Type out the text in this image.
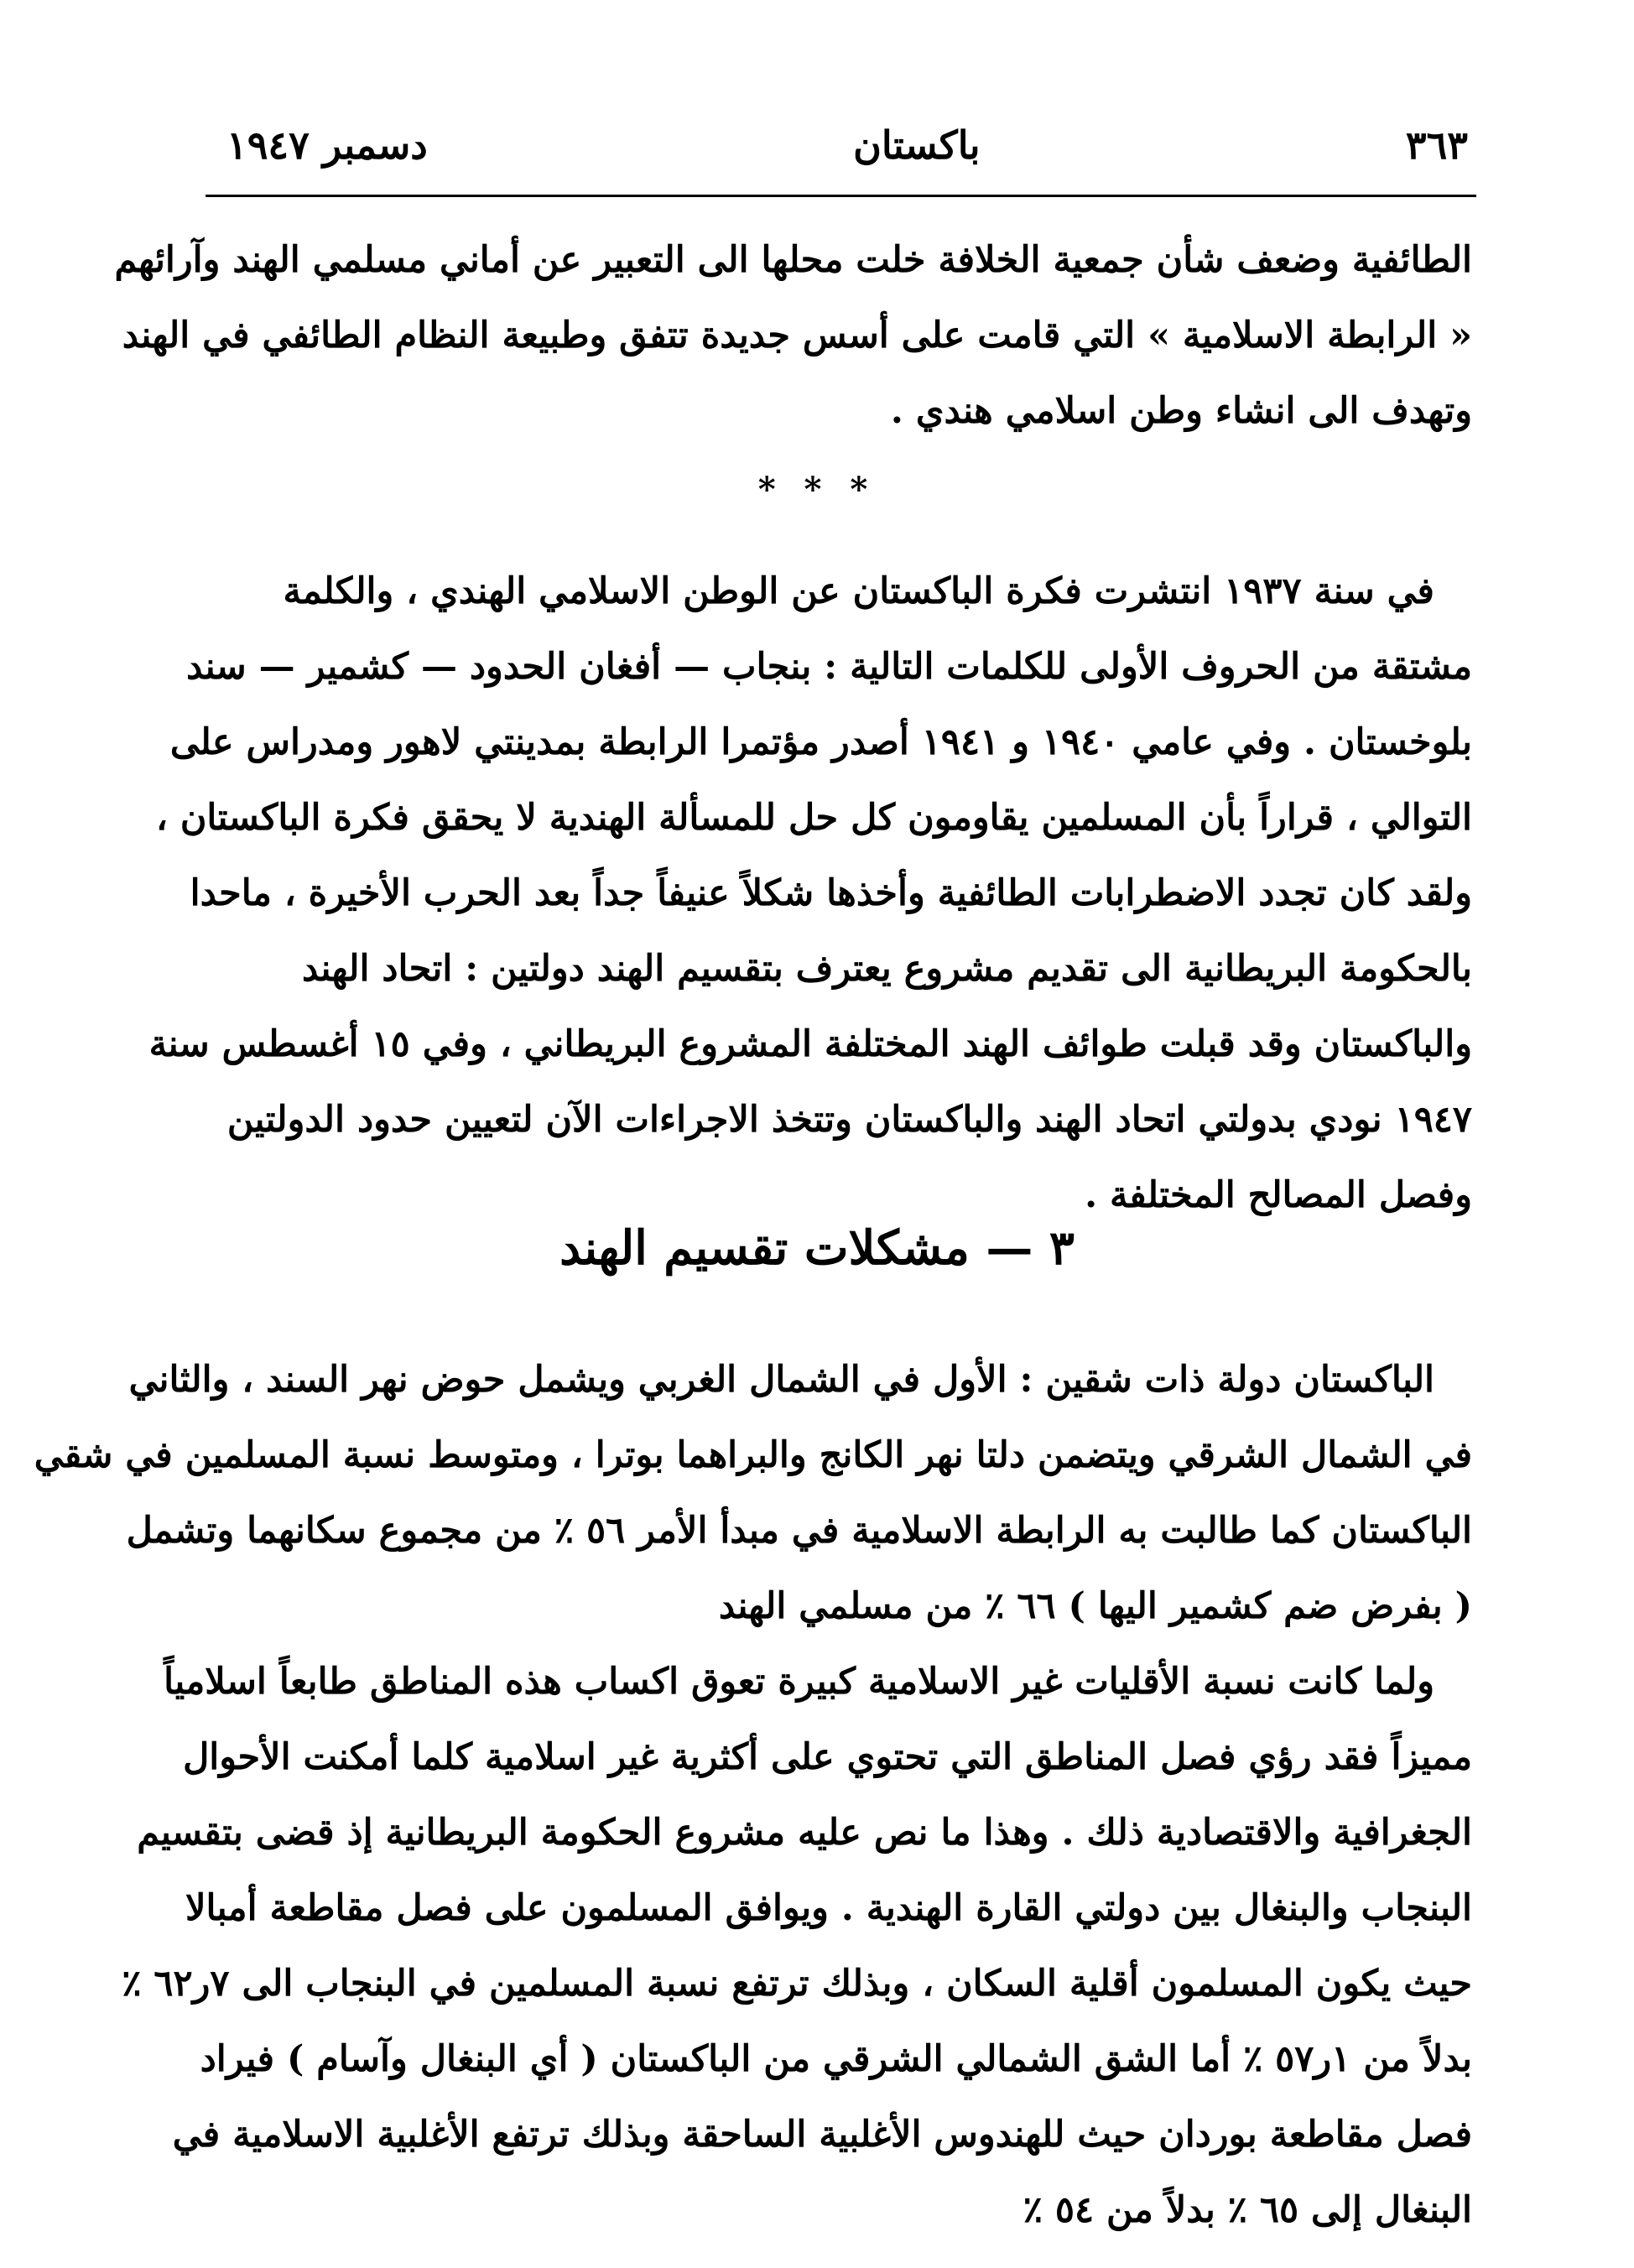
٣٦٣
باكستان
دسمبر ١٩٤٧
الطائفية وضعف شأن جمعية الخلافة خلت محلها الى التعبير عن أماني مسلمي الهند وآرائهم
« الرابطة الاسلامية » التي قامت على أسس جديدة تتفق وطبيعة النظام الطائفي في الهند
وتهدف الى انشاء وطن اسلامي هندي .
* * *
في سنة ١٩٣٧ انتشرت فكرة الباكستان عن الوطن الاسلامي الهندي ، والكلمة
مشتقة من الحروف الأولى للكلمات التالية : بنجاب — أفغان الحدود — كشمير — سند
بلوخستان . وفي عامي ١٩٤٠ و ١٩٤١ أصدر مؤتمرا الرابطة بمدينتي لاهور ومدراس على
التوالي ، قراراً بأن المسلمين يقاومون كل حل للمسألة الهندية لا يحقق فكرة الباكستان ،
ولقد كان تجدد الاضطرابات الطائفية وأخذها شكلاً عنيفاً جداً بعد الحرب الأخيرة ، ماحدا
بالحكومة البريطانية الى تقديم مشروع يعترف بتقسيم الهند دولتين : اتحاد الهند
والباكستان وقد قبلت طوائف الهند المختلفة المشروع البريطاني ، وفي ١٥ أغسطس سنة
١٩٤٧ نودي بدولتي اتحاد الهند والباكستان وتتخذ الاجراءات الآن لتعيين حدود الدولتين
وفصل المصالح المختلفة .
٣ — مشكلات تقسيم الهند
الباكستان دولة ذات شقين : الأول في الشمال الغربي ويشمل حوض نهر السند ، والثاني
في الشمال الشرقي ويتضمن دلتا نهر الكانج والبراهما بوترا ، ومتوسط نسبة المسلمين في شقي
الباكستان كما طالبت به الرابطة الاسلامية في مبدأ الأمر ٥٦ ٪ من مجموع سكانهما وتشمل
( بفرض ضم كشمير اليها ) ٦٦ ٪ من مسلمي الهند
ولما كانت نسبة الأقليات غير الاسلامية كبيرة تعوق اكساب هذه المناطق طابعاً اسلامياً
مميزاً فقد رؤي فصل المناطق التي تحتوي على أكثرية غير اسلامية كلما أمكنت الأحوال
الجغرافية والاقتصادية ذلك . وهذا ما نص عليه مشروع الحكومة البريطانية إذ قضى بتقسيم
البنجاب والبنغال بين دولتي القارة الهندية . ويوافق المسلمون على فصل مقاطعة أمبالا
حيث يكون المسلمون أقلية السكان ، وبذلك ترتفع نسبة المسلمين في البنجاب الى ٧ر٦٢ ٪
بدلاً من ١ر٥٧ ٪ أما الشق الشمالي الشرقي من الباكستان ( أي البنغال وآسام ) فيراد
فصل مقاطعة بوردان حيث للهندوس الأغلبية الساحقة وبذلك ترتفع الأغلبية الاسلامية في
البنغال إلى ٦٥ ٪ بدلاً من ٥٤ ٪
